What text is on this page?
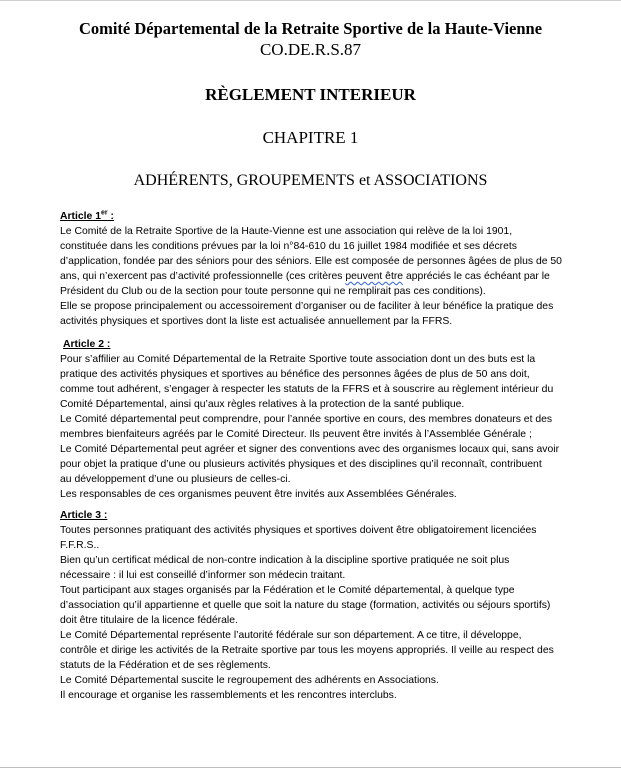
Comité Départemental de la Retraite Sportive de la Haute-Vienne
CO.DE.R.S.87
RÈGLEMENT INTERIEUR
CHAPITRE 1
ADHÉRENTS, GROUPEMENTS et ASSOCIATIONS
Article 1er :
Le Comité de la Retraite Sportive de la Haute-Vienne est une association qui relève de la loi 1901,
constituée dans les conditions prévues par la loi n°84-610 du 16 juillet 1984 modifiée et ses décrets
d’application, fondée par des séniors pour des séniors. Elle est composée de personnes âgées de plus de 50
ans, qui n’exercent pas d’activité professionnelle (ces critères peuvent être appréciés le cas échéant par le
Président du Club ou de la section pour toute personne qui ne remplirait pas ces conditions).
Elle se propose principalement ou accessoirement d’organiser ou de faciliter à leur bénéfice la pratique des
activités physiques et sportives dont la liste est actualisée annuellement par la FFRS.
Article 2 :
Pour s’affilier au Comité Départemental de la Retraite Sportive toute association dont un des buts est la
pratique des activités physiques et sportives au bénéfice des personnes âgées de plus de 50 ans doit,
comme tout adhérent, s’engager à respecter les statuts de la FFRS et à souscrire au règlement intérieur du
Comité Départemental, ainsi qu’aux règles relatives à la protection de la santé publique.
Le Comité départemental peut comprendre, pour l’année sportive en cours, des membres donateurs et des
membres bienfaiteurs agréés par le Comité Directeur. Ils peuvent être invités à l’Assemblée Générale ;
Le Comité Départemental peut agréer et signer des conventions avec des organismes locaux qui, sans avoir
pour objet la pratique d’une ou plusieurs activités physiques et des disciplines qu’il reconnaît, contribuent
au développement d’une ou plusieurs de celles-ci.
Les responsables de ces organismes peuvent être invités aux Assemblées Générales.
Article 3 :
Toutes personnes pratiquant des activités physiques et sportives doivent être obligatoirement licenciées
F.F.R.S..
Bien qu’un certificat médical de non-contre indication à la discipline sportive pratiquée ne soit plus
nécessaire : il lui est conseillé d’informer son médecin traitant.
Tout participant aux stages organisés par la Fédération et le Comité départemental, à quelque type
d’association qu’il appartienne et quelle que soit la nature du stage (formation, activités ou séjours sportifs)
doit être titulaire de la licence fédérale.
Le Comité Départemental représente l’autorité fédérale sur son département. A ce titre, il développe,
contrôle et dirige les activités de la Retraite sportive par tous les moyens appropriés. Il veille au respect des
statuts de la Fédération et de ses règlements.
Le Comité Départemental suscite le regroupement des adhérents en Associations.
Il encourage et organise les rassemblements et les rencontres interclubs.
